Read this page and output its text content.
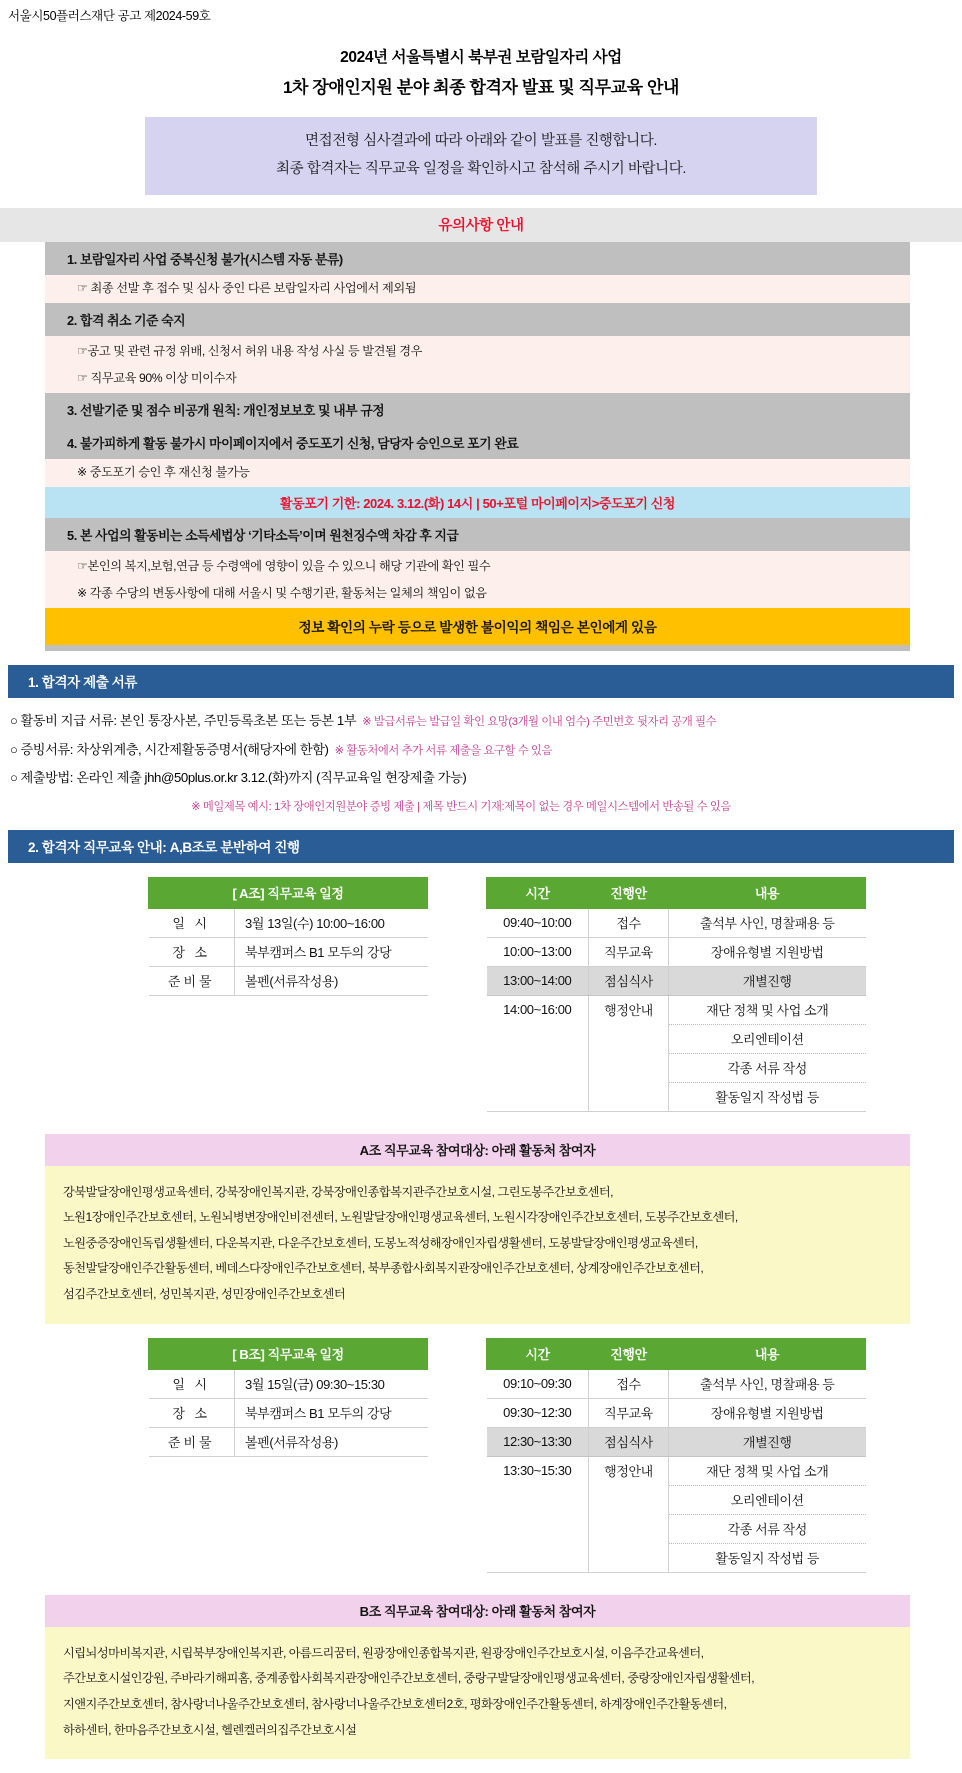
서울시50플러스재단 공고 제2024-59호
2024년 서울특별시 북부권 보람일자리 사업
1차 장애인지원 분야 최종 합격자 발표 및 직무교육 안내
면접전형 심사결과에 따라 아래와 같이 발표를 진행합니다.
최종 합격자는 직무교육 일정을 확인하시고 참석해 주시기 바랍니다.
유의사항 안내
1. 보람일자리 사업 중복신청 불가(시스템 자동 분류)
☞ 최종 선발 후 접수 및 심사 중인 다른 보람일자리 사업에서 제외됨
2. 합격 취소 기준 숙지
☞공고 및 관련 규정 위배, 신청서 허위 내용 작성 사실 등 발견될 경우
☞ 직무교육 90% 이상 미이수자
3. 선발기준 및 점수 비공개 원칙: 개인정보보호 및 내부 규정
4. 불가피하게 활동 불가시 마이페이지에서 중도포기 신청, 담당자 승인으로 포기 완료
※ 중도포기 승인 후 재신청 불가능
활동포기 기한: 2024. 3.12.(화) 14시 | 50+포털 마이페이지>중도포기 신청
5. 본 사업의 활동비는 소득세법상 ‘기타소득’이며 원천징수액 차감 후 지급
☞본인의 복지,보험,연금 등 수령액에 영향이 있을 수 있으니 해당 기관에 확인 필수
※ 각종 수당의 변동사항에 대해 서울시 및 수행기관, 활동처는 일체의 책임이 없음
정보 확인의 누락 등으로 발생한 불이익의 책임은 본인에게 있음
1. 합격자 제출 서류
○ 활동비 지급 서류: 본인 통장사본, 주민등록초본 또는 등본 1부 ※ 발급서류는 발급일 확인 요망(3개월 이내 엄수) 주민번호 뒷자리 공개 필수
○ 증빙서류: 차상위계층, 시간제활동증명서(해당자에 한함) ※ 활동처에서 추가 서류 제출을 요구할 수 있음
○ 제출방법: 온라인 제출 jhh@50plus.or.kr 3.12.(화)까지 (직무교육일 현장제출 가능)
※ 메일제목 예시: 1차 장애인지원분야 증빙 제출 | 제목 반드시 기재:제목이 없는 경우 메일시스템에서 반송될 수 있음
2. 합격자 직무교육 안내: A,B조로 분반하여 진행
[ A조] 직무교육 일정	
일 시	3월 13일(수) 10:00~16:00
장 소	북부캠퍼스 B1 모두의 강당
준비물	볼펜(서류작성용)
시간	진행안	내용
09:40~10:00	접수	출석부 사인, 명찰패용 등
10:00~13:00	직무교육	장애유형별 지원방법
13:00~14:00	점심식사	개별진행
14:00~16:00	행정안내	재단 정책 및 사업 소개
		오리엔테이션
		각종 서류 작성
		활동일지 작성법 등
A조 직무교육 참여대상: 아래 활동처 참여자
강북발달장애인평생교육센터, 강북장애인복지관, 강북장애인종합복지관주간보호시설, 그린도봉주간보호센터,
노원1장애인주간보호센터, 노원뇌병변장애인비전센터, 노원발달장애인평생교육센터, 노원시각장애인주간보호센터, 도봉주간보호센터,
노원중증장애인독립생활센터, 다운복지관, 다운주간보호센터, 도봉노적성해장애인자립생활센터, 도봉발달장애인평생교육센터,
동천발달장애인주간활동센터, 베데스다장애인주간보호센터, 북부종합사회복지관장애인주간보호센터, 상계장애인주간보호센터,
섬김주간보호센터, 성민복지관, 성민장애인주간보호센터
[ B조] 직무교육 일정	
일 시	3월 15일(금) 09:30~15:30
장 소	북부캠퍼스 B1 모두의 강당
준비물	볼펜(서류작성용)
시간	진행안	내용
09:10~09:30	접수	출석부 사인, 명찰패용 등
09:30~12:30	직무교육	장애유형별 지원방법
12:30~13:30	점심식사	개별진행
13:30~15:30	행정안내	재단 정책 및 사업 소개
		오리엔테이션
		각종 서류 작성
		활동일지 작성법 등
B조 직무교육 참여대상: 아래 활동처 참여자
시립뇌성마비복지관, 시립북부장애인복지관, 아름드리꿈터, 원광장애인종합복지관, 원광장애인주간보호시설, 이음주간교육센터,
주간보호시설인강원, 주바라기해피홈, 중계종합사회복지관장애인주간보호센터, 중랑구발달장애인평생교육센터, 중랑장애인자립생활센터,
지앤지주간보호센터, 참사랑너나울주간보호센터, 참사랑너나울주간보호센터2호, 평화장애인주간활동센터, 하계장애인주간활동센터,
하하센터, 한마음주간보호시설, 헬렌켈러의집주간보호시설
